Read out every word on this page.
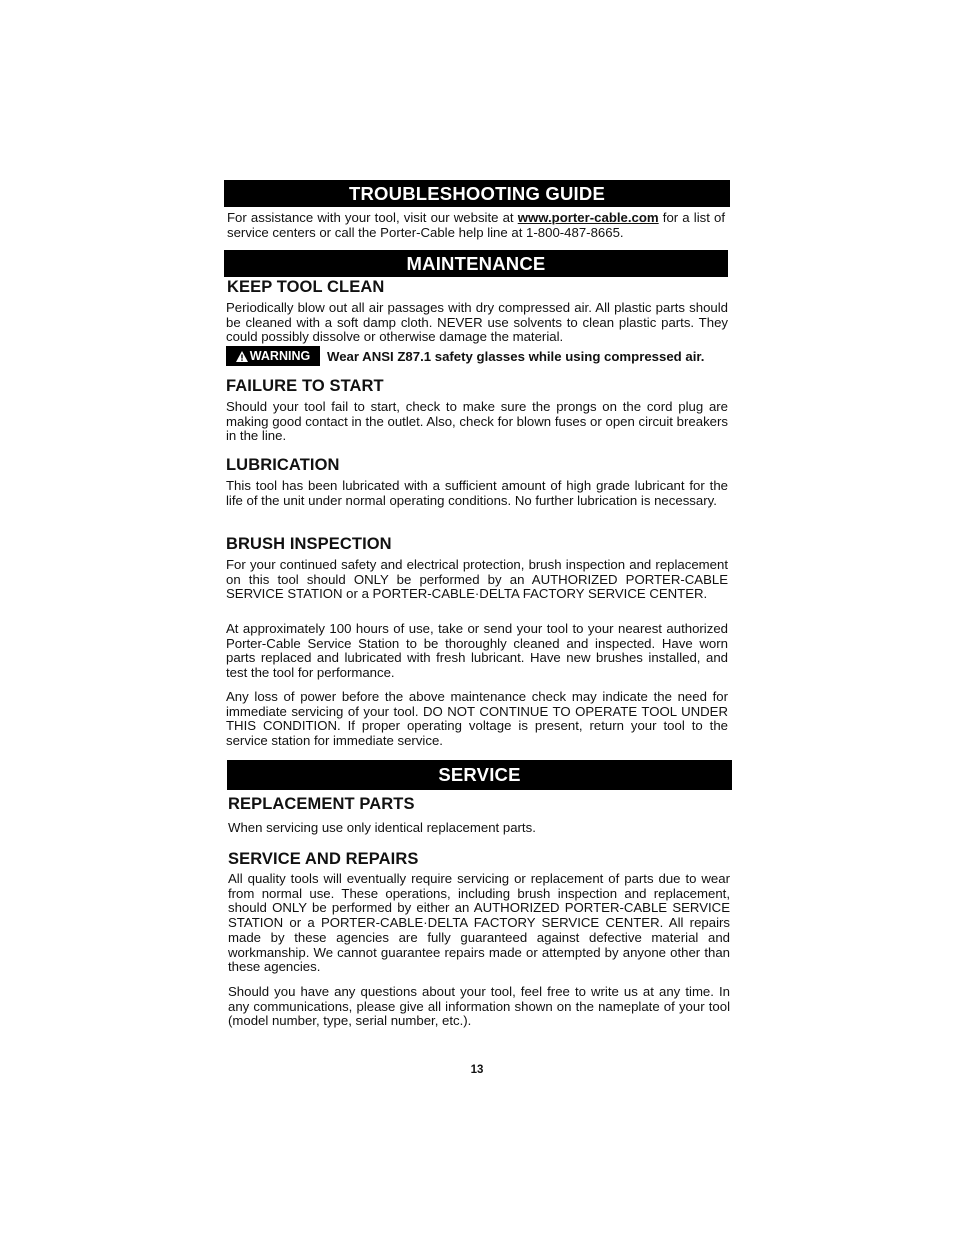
TROUBLESHOOTING GUIDE
For assistance with your tool, visit our website at www.porter-cable.com for a list of service centers or call the Porter-Cable help line at 1-800-487-8665.
MAINTENANCE
KEEP TOOL CLEAN
Periodically blow out all air passages with dry compressed air. All plastic parts should be cleaned with a soft damp cloth. NEVER use solvents to clean plastic parts. They could possibly dissolve or otherwise damage the material.
WARNING Wear ANSI Z87.1 safety glasses while using compressed air.
FAILURE TO START
Should your tool fail to start, check to make sure the prongs on the cord plug are making good contact in the outlet. Also, check for blown fuses or open circuit breakers in the line.
LUBRICATION
This tool has been lubricated with a sufficient amount of high grade lubricant for the life of the unit under normal operating conditions. No further lubrication is necessary.
BRUSH INSPECTION
For your continued safety and electrical protection, brush inspection and replacement on this tool should ONLY be performed by an AUTHORIZED PORTER-CABLE SERVICE STATION or a PORTER-CABLE·DELTA FACTORY SERVICE CENTER.
At approximately 100 hours of use, take or send your tool to your nearest authorized Porter-Cable Service Station to be thoroughly cleaned and inspected. Have worn parts replaced and lubricated with fresh lubricant. Have new brushes installed, and test the tool for performance.
Any loss of power before the above maintenance check may indicate the need for immediate servicing of your tool. DO NOT CONTINUE TO OPERATE TOOL UNDER THIS CONDITION. If proper operating voltage is present, return your tool to the service station for immediate service.
SERVICE
REPLACEMENT PARTS
When servicing use only identical replacement parts.
SERVICE AND REPAIRS
All quality tools will eventually require servicing or replacement of parts due to wear from normal use. These operations, including brush inspection and replacement, should ONLY be performed by either an AUTHORIZED PORTER-CABLE SERVICE STATION or a PORTER-CABLE·DELTA FACTORY SERVICE CENTER. All repairs made by these agencies are fully guaranteed against defective material and workmanship. We cannot guarantee repairs made or attempted by anyone other than these agencies.
Should you have any questions about your tool, feel free to write us at any time. In any communications, please give all information shown on the nameplate of your tool (model number, type, serial number, etc.).
13
